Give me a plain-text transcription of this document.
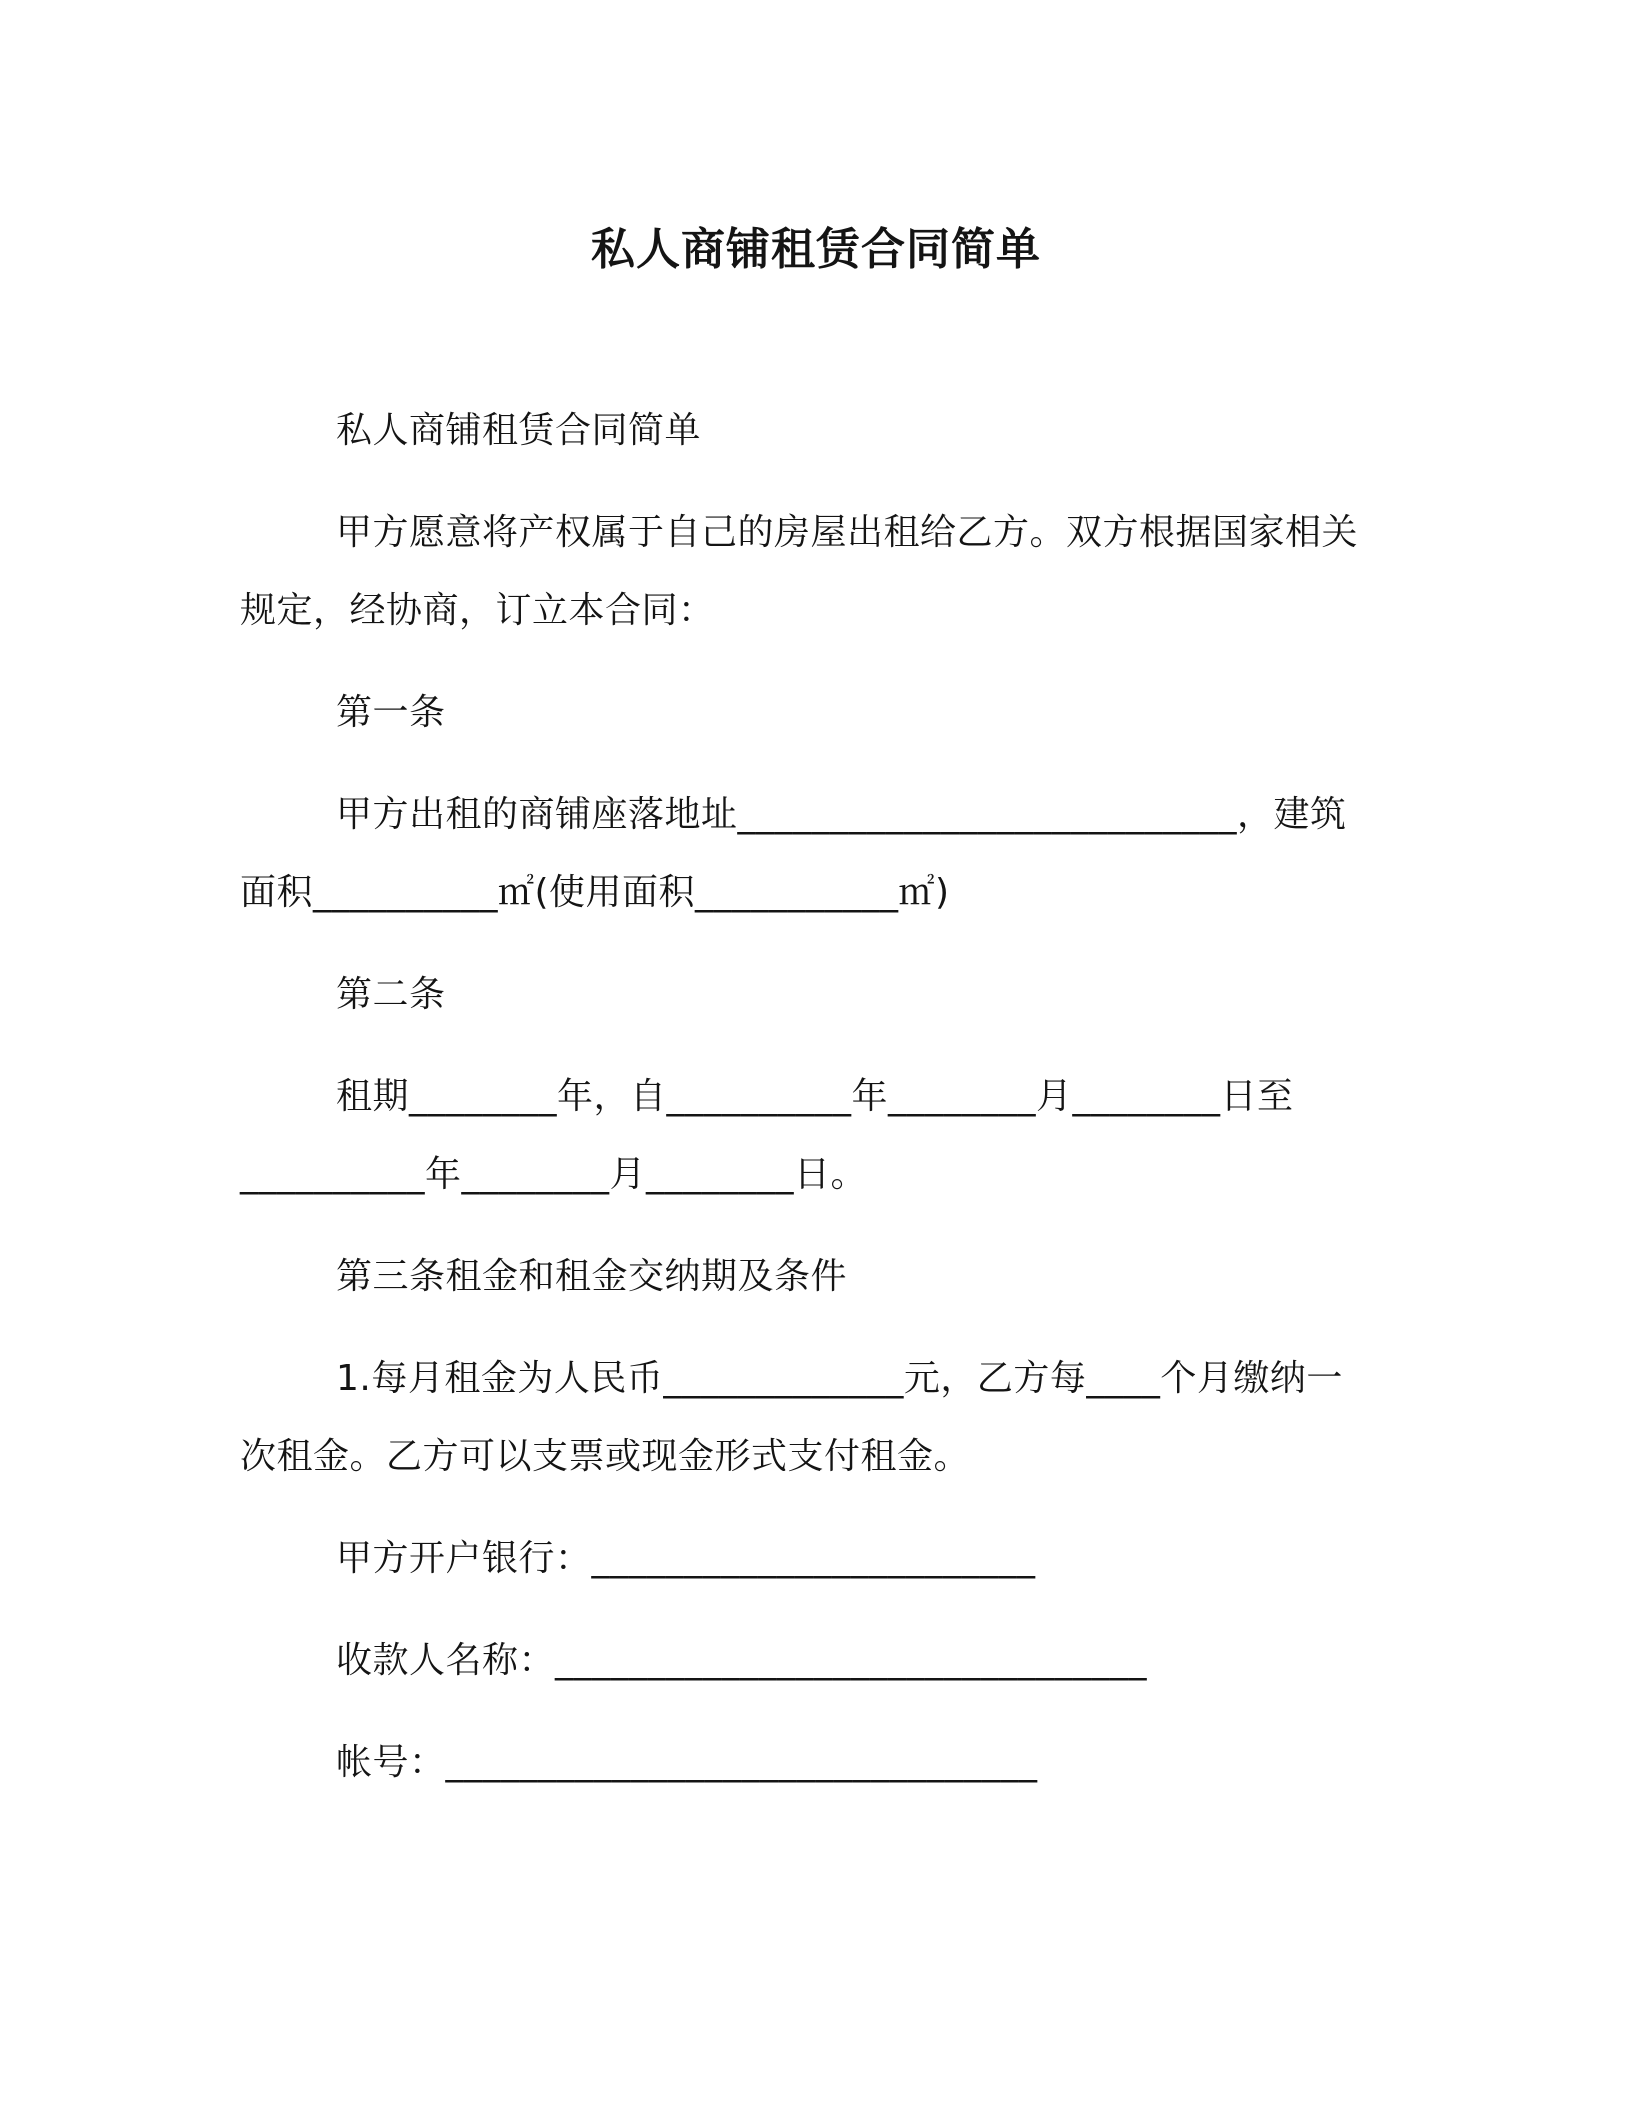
私人商铺租赁合同简单
私人商铺租赁合同简单
甲方愿意将产权属于自己的房屋出租给乙方。双方根据国家相关
规定，经协商，订立本合同：
第一条
甲方出租的商铺座落地址___________________________，建筑
面积__________㎡(使用面积___________㎡)
第二条
租期________年，自__________年________月________日至
__________年________月________日。
第三条租金和租金交纳期及条件
1.每月租金为人民币_____________元，乙方每____个月缴纳一
次租金。乙方可以支票或现金形式支付租金。
甲方开户银行：________________________
收款人名称：________________________________
帐号：________________________________
